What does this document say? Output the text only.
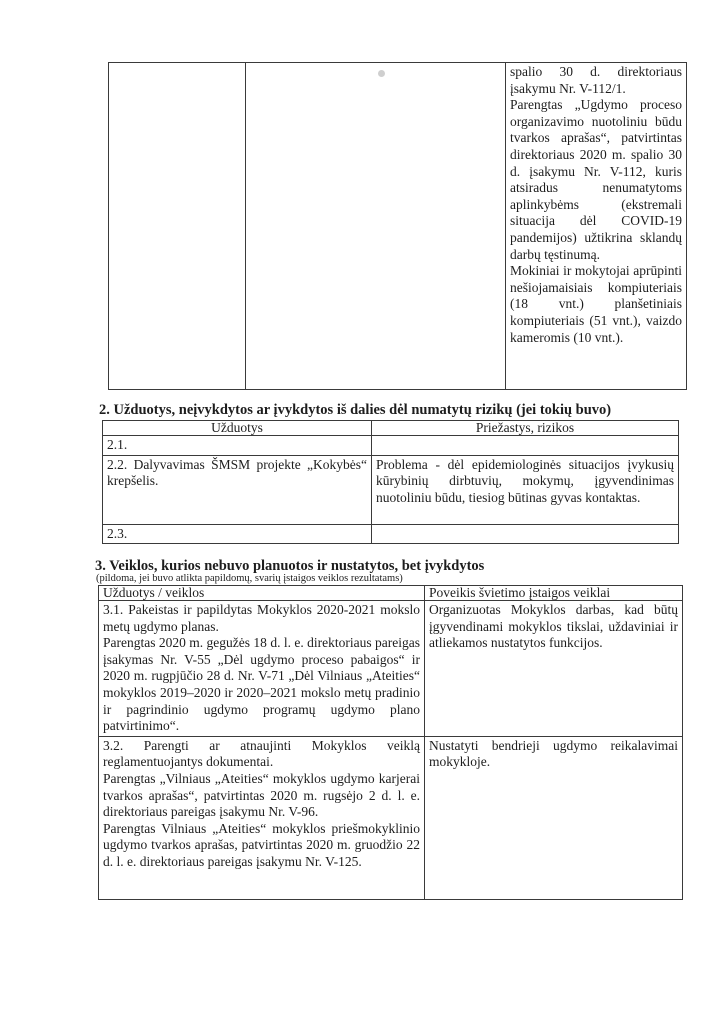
spalio 30 d. direktoriaus įsakymu Nr. V-112/1.
Parengtas „Ugdymo proceso organizavimo nuotoliniu būdu tvarkos aprašas“, patvirtintas direktoriaus 2020 m. spalio 30 d. įsakymu Nr. V-112, kuris atsiradus nenumatytoms aplinkybėms (ekstremali situacija dėl COVID-19 pandemijos) užtikrina sklandų darbų tęstinumą.
Mokiniai ir mokytojai aprūpinti nešiojamaisiais kompiuteriais (18 vnt.) planšetiniais kompiuteriais (51 vnt.), vaizdo kameromis (10 vnt.).
2. Užduotys, neįvykdytos ar įvykdytos iš dalies dėl numatytų rizikų (jei tokių buvo)
Užduotys	Priežastys, rizikos
2.1.	
2.2. Dalyvavimas ŠMSM projekte „Kokybės“ krepšelis.	Problema - dėl epidemiologinės situacijos įvykusių kūrybinių dirbtuvių, mokymų, įgyvendinimas nuotoliniu būdu, tiesiog būtinas gyvas kontaktas.
2.3.	
3. Veiklos, kurios nebuvo planuotos ir nustatytos, bet įvykdytos
(pildoma, jei buvo atlikta papildomų, svarių įstaigos veiklos rezultatams)
Užduotys / veiklos	Poveikis švietimo įstaigos veiklai

3.1. Pakeistas ir papildytas Mokyklos 2020-2021 mokslo metų ugdymo planas.
Parengtas 2020 m. gegužės 18 d. l. e. direktoriaus pareigas įsakymas Nr. V-55 „Dėl ugdymo proceso pabaigos“ ir 2020 m. rugpjūčio 28 d. Nr. V-71 „Dėl Vilniaus „Ateities“ mokyklos 2019–2020 ir 2020–2021 mokslo metų pradinio ir pagrindinio ugdymo programų ugdymo plano patvirtinimo“.	Organizuotas Mokyklos darbas, kad būtų įgyvendinami mokyklos tikslai, uždaviniai ir atliekamos nustatytos funkcijos.

3.2. Parengti ar atnaujinti Mokyklos veiklą reglamentuojantys dokumentai.
Parengtas „Vilniaus „Ateities“ mokyklos ugdymo karjerai tvarkos aprašas“, patvirtintas 2020 m. rugsėjo 2 d. l. e. direktoriaus pareigas įsakymu Nr. V-96.
Parengtas Vilniaus „Ateities“ mokyklos priešmokyklinio ugdymo tvarkos aprašas, patvirtintas 2020 m. gruodžio 22 d. l. e. direktoriaus pareigas įsakymu Nr. V-125.	Nustatyti bendrieji ugdymo reikalavimai mokykloje.
